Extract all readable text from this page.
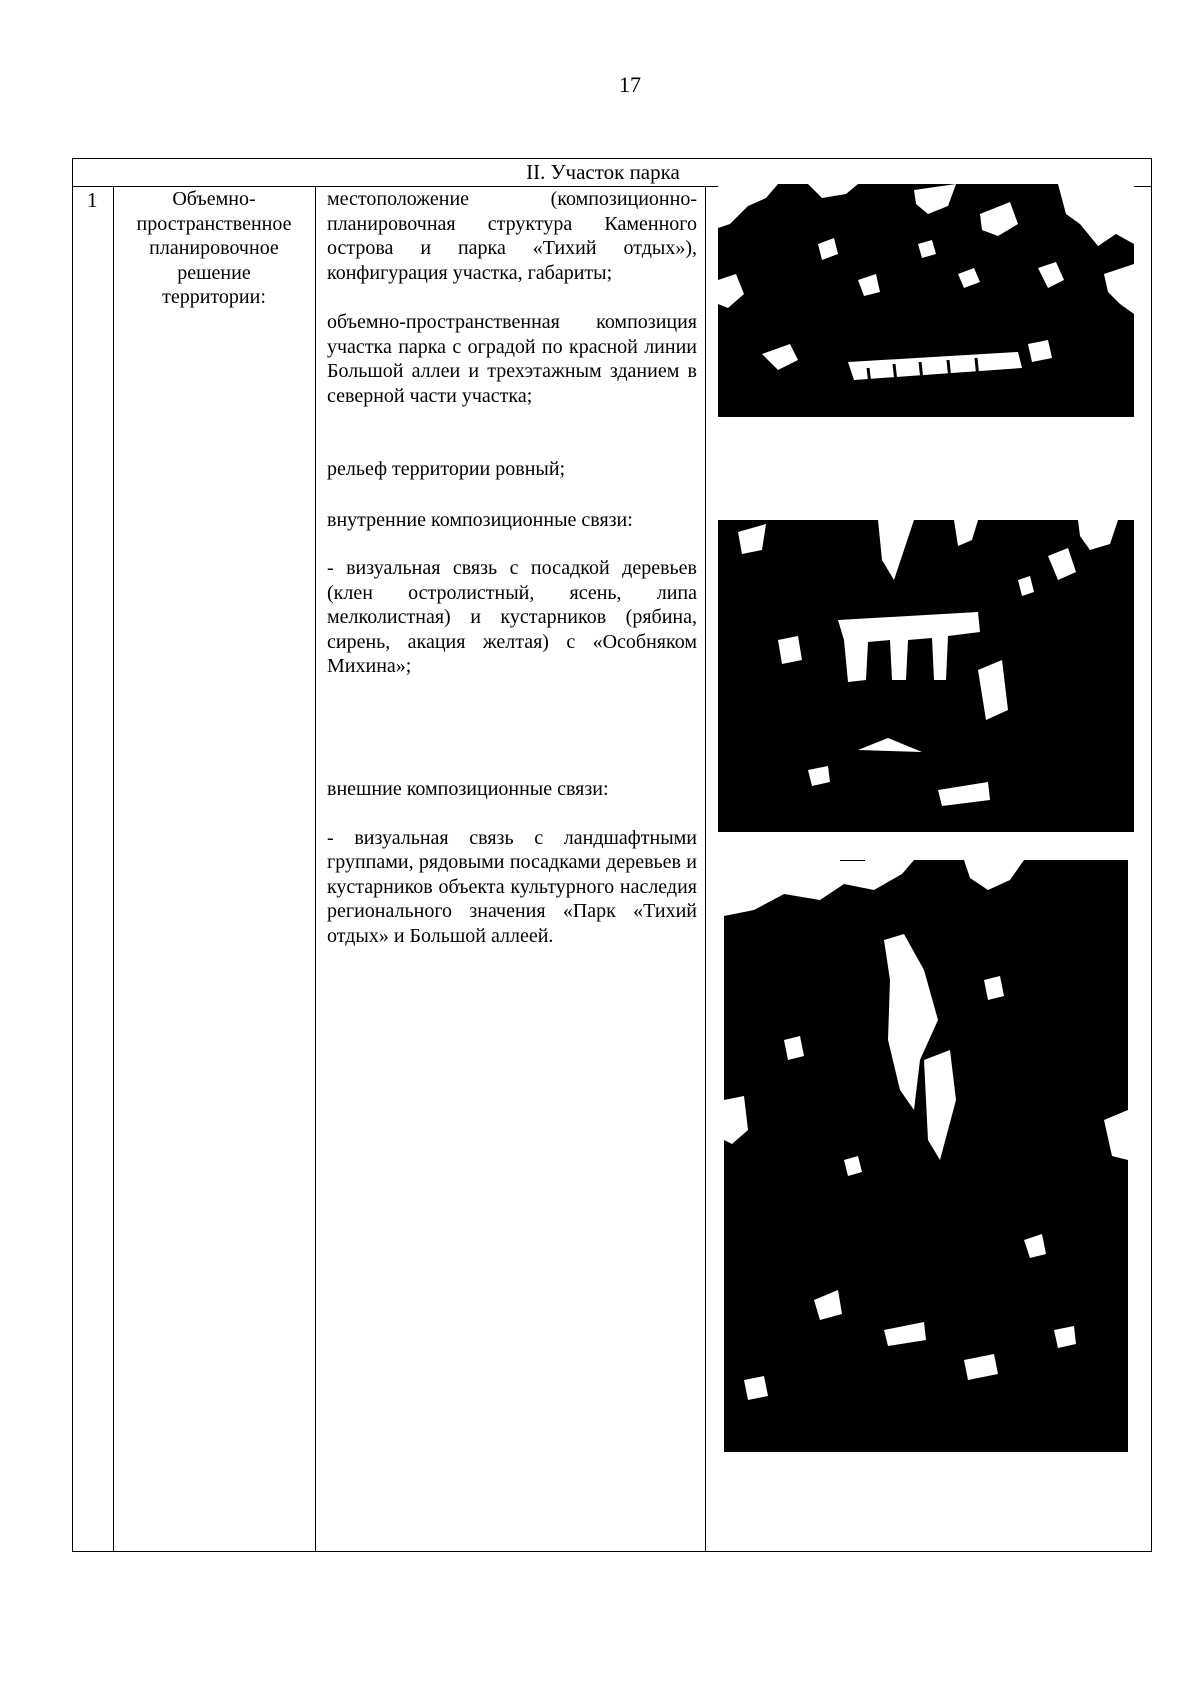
17
II. Участок парка
1	Объемно-
пространственное
планировочное
решение
территории:

местоположение (композиционно-планировочная структура Каменного острова и парка «Тихий отдых»), конфигурация участка, габариты;

объемно-пространственная композиция участка парка с оградой по красной линии Большой аллеи и трехэтажным зданием в северной части участка;

рельеф территории ровный;

внутренние композиционные связи:

- визуальная связь с посадкой деревьев (клен остролистный, ясень, липа мелколистная) и кустарников (рябина, сирень, акация желтая) с «Особняком Михина»;

внешние композиционные связи:

- визуальная связь с ландшафтными группами, рядовыми посадками деревьев и кустарников объекта культурного наследия регионального значения «Парк «Тихий отдых» и Большой аллеей.
